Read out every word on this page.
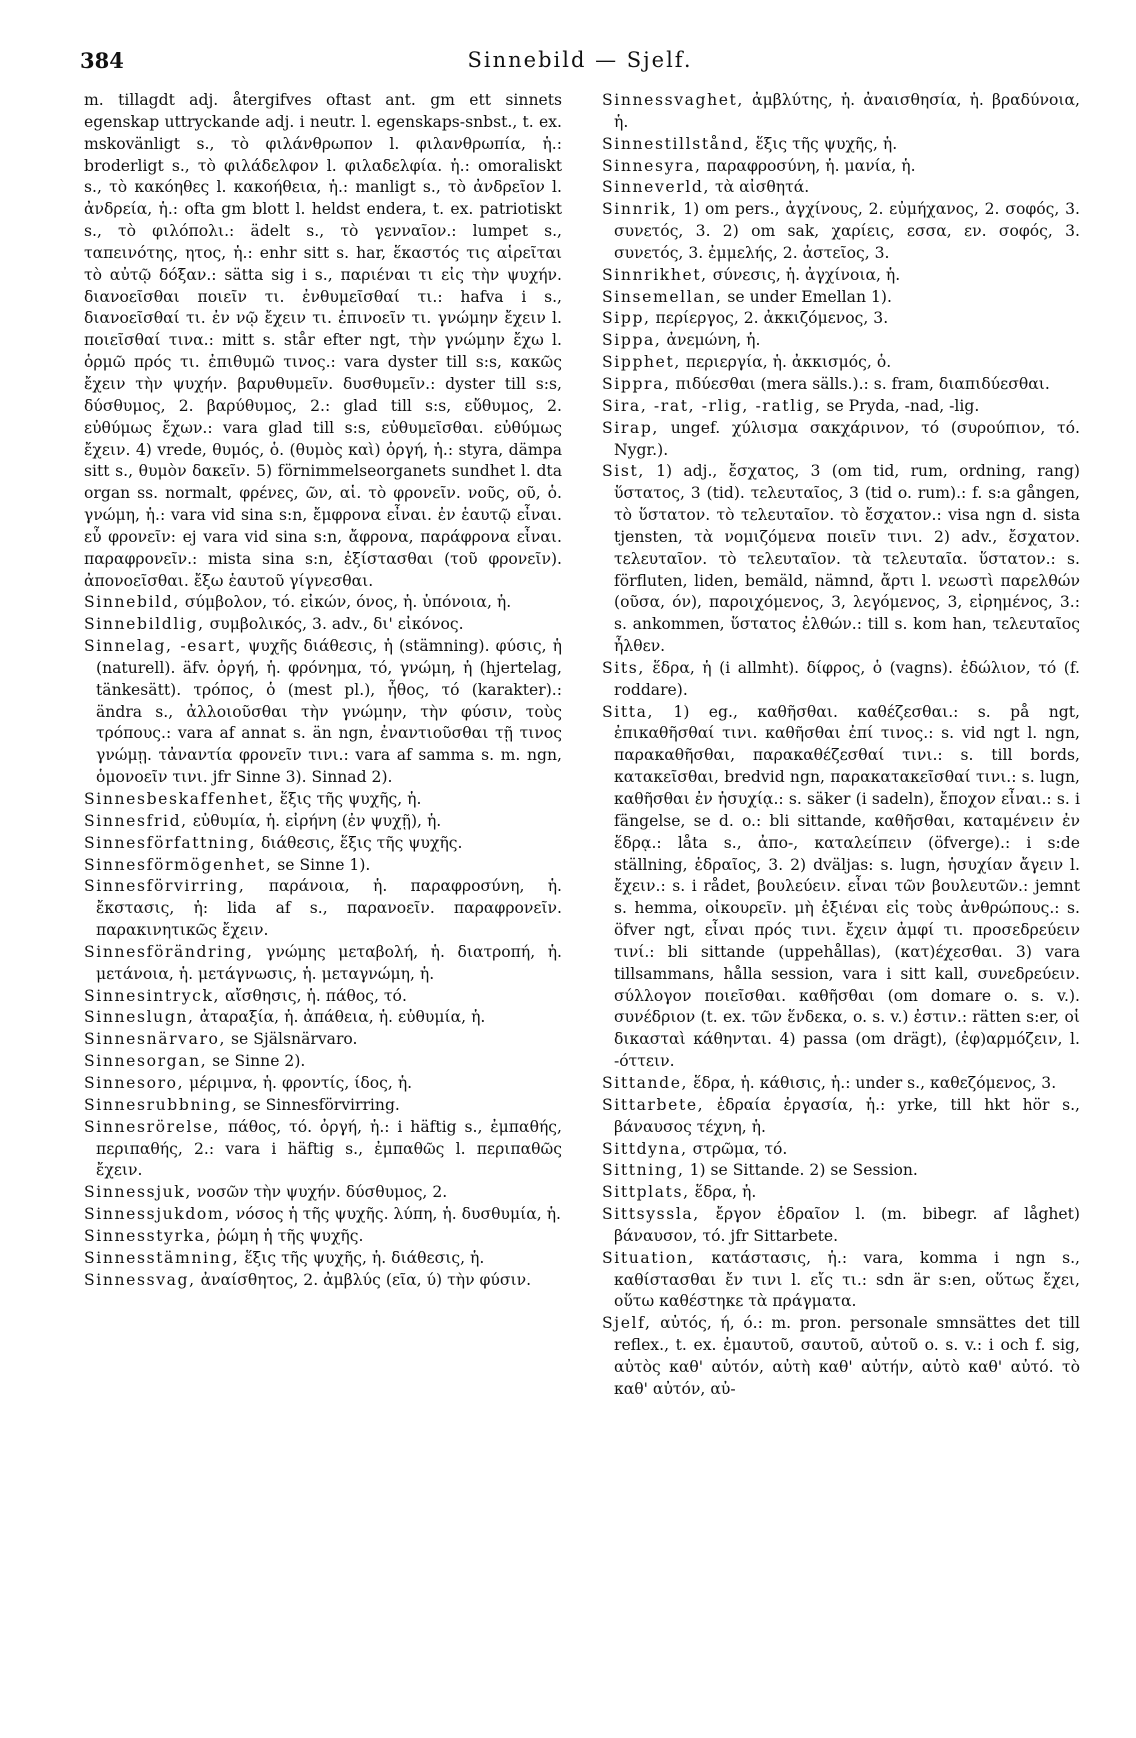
384	Sinnebild — Sjelf.

m. tillagdt adj. återgifves oftast ant. gm ett sinnets egenskap uttryckande adj. i neutr. l. egenskaps-snbst., t. ex. mskovänligt s., τὸ φιλάνθρωπον l. φιλανθρωπία, ἡ.: broderligt s., τὸ φιλάδελφον l. φιλαδελφία. ἡ.: omoraliskt s., τὸ κακόηθες l. κακοήθεια, ἡ.: manligt s., τὸ ἀνδρεῖον l. ἀνδρεία, ἡ.: ofta gm blott l. heldst endera, t. ex. patriotiskt s., τὸ φιλόπολι.: ädelt s., τὸ γενναῖον.: lumpet s., ταπεινότης, ητος, ἡ.: enhr sitt s. har, ἕκαστός τις αἱρεῖται τὸ αὐτῷ δόξαν.: sätta sig i s., παριέναι τι εἰς τὴν ψυχήν. διανοεῖσθαι ποιεῖν τι. ἐνθυμεῖσθαί τι.: hafva i s., διανοεῖσθαί τι. ἐν νῷ ἔχειν τι. ἐπινοεῖν τι. γνώμην ἔχειν l. ποιεῖσθαί τινα.: mitt s. står efter ngt, τὴν γνώμην ἔχω l. ὁρμῶ πρός τι. ἐπιθυμῶ τινος.: vara dyster till s:s, κακῶς ἔχειν τὴν ψυχήν. βαρυθυμεῖν. δυσθυμεῖν.: dyster till s:s, δύσθυμος, 2. βαρύθυμος, 2.: glad till s:s, εὔθυμος, 2. εὐθύμως ἔχων.: vara glad till s:s, εὐθυμεῖσθαι. εὐθύμως ἔχειν. 4) vrede, θυμός, ὁ. (θυμὸς καὶ) ὀργή, ἡ.: styra, dämpa sitt s., θυμὸν δακεῖν. 5) förnimmelseorganets sundhet l. dta organ ss. normalt, φρένες, ῶν, αἱ. τὸ φρονεῖν. νοῦς, οῦ, ὁ. γνώμη, ἡ.: vara vid sina s:n, ἔμφρονα εἶναι. ἐν ἑαυτῷ εἶναι. εὖ φρονεῖν: ej vara vid sina s:n, ἄφρονα, παράφρονα εἶναι. παραφρονεῖν.: mista sina s:n, ἐξίστασθαι (τοῦ φρονεῖν). ἀπονοεῖσθαι. ἔξω ἑαυτοῦ γίγνεσθαι.

Sinnebild, σύμβολον, τό. εἰκών, όνος, ἡ. ὑπόνοια, ἡ.

Sinnebildlig, συμβολικός, 3. adv., δι' εἰκόνος.

Sinnelag, -esart, ψυχῆς διάθεσις, ἡ (stämning). φύσις, ἡ (naturell). äfv. ὀργή, ἡ. φρόνημα, τό, γνώμη, ἡ (hjertelag, tänkesätt). τρόπος, ὁ (mest pl.), ἦθος, τό (karakter).: ändra s., ἀλλοιοῦσθαι τὴν γνώμην, τὴν φύσιν, τοὺς τρόπους.: vara af annat s. än ngn, ἐναντιοῦσθαι τῇ τινος γνώμῃ. τἀναντία φρονεῖν τινι.: vara af samma s. m. ngn, ὁμονοεῖν τινι. jfr Sinne 3). Sinnad 2).

Sinnesbeskaffenhet, ἕξις τῆς ψυχῆς, ἡ.

Sinnesfrid, εὐθυμία, ἡ. εἰρήνη (ἐν ψυχῇ), ἡ.

Sinnesförfattning, διάθεσις, ἕξις τῆς ψυχῆς.

Sinnesförmögenhet, se Sinne 1).

Sinnesförvirring, παράνοια, ἡ. παραφροσύνη, ἡ. ἔκστασις, ἡ: lida af s., παρανοεῖν. παραφρονεῖν. παρακινητικῶς ἔχειν.

Sinnesförändring, γνώμης μεταβολή, ἡ. διατροπή, ἡ. μετάνοια, ἡ. μετάγνωσις, ἡ. μεταγνώμη, ἡ.

Sinnesintryck, αἴσθησις, ἡ. πάθος, τό.

Sinneslugn, ἀταραξία, ἡ. ἀπάθεια, ἡ. εὐθυμία, ἡ.

Sinnesnärvaro, se Själsnärvaro.

Sinnesorgan, se Sinne 2).

Sinnesoro, μέριμνα, ἡ. φροντίς, ίδος, ἡ.

Sinnesrubbning, se Sinnesförvirring.

Sinnesrörelse, πάθος, τό. ὀργή, ἡ.: i häftig s., ἐμπαθής, περιπαθής, 2.: vara i häftig s., ἐμπαθῶς l. περιπαθῶς ἔχειν.

Sinnessjuk, νοσῶν τὴν ψυχήν. δύσθυμος, 2.

Sinnessjukdom, νόσος ἡ τῆς ψυχῆς. λύπη, ἡ. δυσθυμία, ἡ.

Sinnesstyrka, ῥώμη ἡ τῆς ψυχῆς.

Sinnesstämning, ἕξις τῆς ψυχῆς, ἡ. διάθεσις, ἡ.

Sinnessvag, ἀναίσθητος, 2. ἀμβλύς (εῖα, ύ) τὴν φύσιν.

Sinnessvaghet, ἀμβλύτης, ἡ. ἀναισθησία, ἡ. βραδύνοια, ἡ.

Sinnestillstånd, ἕξις τῆς ψυχῆς, ἡ.

Sinnesyra, παραφροσύνη, ἡ. μανία, ἡ.

Sinneverld, τὰ αἰσθητά.

Sinnrik, 1) om pers., ἀγχίνους, 2. εὐμήχανος, 2. σοφός, 3. συνετός, 3. 2) om sak, χαρίεις, εσσα, εν. σοφός, 3. συνετός, 3. ἐμμελής, 2. ἀστεῖος, 3.

Sinnrikhet, σύνεσις, ἡ. ἀγχίνοια, ἡ.

Sinsemellan, se under Emellan 1).

Sipp, περίεργος, 2. ἀκκιζόμενος, 3.

Sippa, ἀνεμώνη, ἡ.

Sipphet, περιεργία, ἡ. ἀκκισμός, ὁ.

Sippra, πιδύεσθαι (mera sälls.).: s. fram, διαπιδύεσθαι.

Sira, -rat, -rlig, -ratlig, se Pryda, -nad, -lig.

Sirap, ungef. χύλισμα σακχάρινον, τό (συρούπιον, τό. Nygr.).

Sist, 1) adj., ἔσχατος, 3 (om tid, rum, ordning, rang) ὕστατος, 3 (tid). τελευταῖος, 3 (tid o. rum).: f. s:a gången, τὸ ὕστατον. τὸ τελευταῖον. τὸ ἔσχατον.: visa ngn d. sista tjensten, τὰ νομιζόμενα ποιεῖν τινι. 2) adv., ἔσχατον. τελευταῖον. τὸ τελευταῖον. τὰ τελευταῖα. ὕστατον.: s. förfluten, liden, bemäld, nämnd, ἄρτι l. νεωστὶ παρελθών (οῦσα, όν), παροιχόμενος, 3, λεγόμενος, 3, εἰρημένος, 3.: s. ankommen, ὕστατος ἐλθών.: till s. kom han, τελευταῖος ἦλθεν.

Sits, ἕδρα, ἡ (i allmht). δίφρος, ὁ (vagns). ἐδώλιον, τό (f. roddare).

Sitta, 1) eg., καθῆσθαι. καθέζεσθαι.: s. på ngt, ἐπικαθῆσθαί τινι. καθῆσθαι ἐπί τινος.: s. vid ngt l. ngn, παρακαθῆσθαι, παρακαθέζεσθαί τινι.: s. till bords, κατακεῖσθαι, bredvid ngn, παρακατακεῖσθαί τινι.: s. lugn, καθῆσθαι ἐν ἡσυχίᾳ.: s. säker (i sadeln), ἔποχον εἶναι.: s. i fängelse, se d. o.: bli sittande, καθῆσθαι, καταμένειν ἐν ἕδρᾳ.: låta s., ἀπο-, καταλείπειν (öfverge).: i s:de ställning, ἑδραῖος, 3. 2) dväljas: s. lugn, ἡσυχίαν ἄγειν l. ἔχειν.: s. i rådet, βουλεύειν. εἶναι τῶν βουλευτῶν.: jemnt s. hemma, οἰκουρεῖν. μὴ ἐξιέναι εἰς τοὺς ἀνθρώπους.: s. öfver ngt, εἶναι πρός τινι. ἔχειν ἀμφί τι. προσεδρεύειν τινί.: bli sittande (uppehållas), (κατ)έχεσθαι. 3) vara tillsammans, hålla session, vara i sitt kall, συνεδρεύειν. σύλλογον ποιεῖσθαι. καθῆσθαι (om domare o. s. v.). συνέδριον (t. ex. τῶν ἕνδεκα, o. s. v.) ἐστιν.: rätten s:er, οἱ δικασταὶ κάθηνται. 4) passa (om drägt), (ἐφ)αρμόζειν, l. -όττειν.

Sittande, ἕδρα, ἡ. κάθισις, ἡ.: under s., καθεζόμενος, 3.

Sittarbete, ἑδραία ἐργασία, ἡ.: yrke, till hkt hör s., βάναυσος τέχνη, ἡ.

Sittdyna, στρῶμα, τό.

Sittning, 1) se Sittande. 2) se Session.

Sittplats, ἕδρα, ἡ.

Sittsyssla, ἔργον ἑδραῖον l. (m. bibegr. af låghet) βάναυσον, τό. jfr Sittarbete.

Situation, κατάστασις, ἡ.: vara, komma i ngn s., καθίστασθαι ἔν τινι l. εἴς τι.: sdn är s:en, οὕτως ἔχει, οὕτω καθέστηκε τὰ πράγματα.

Sjelf, αὐτός, ή, ό.: m. pron. personale smnsättes det till reflex., t. ex. ἐμαυτοῦ, σαυτοῦ, αὐτοῦ o. s. v.: i och f. sig, αὐτὸς καθ' αὐτόν, αὐτὴ καθ' αὐτήν, αὐτὸ καθ' αὐτό. τὸ καθ' αὐτόν, αὐ-
